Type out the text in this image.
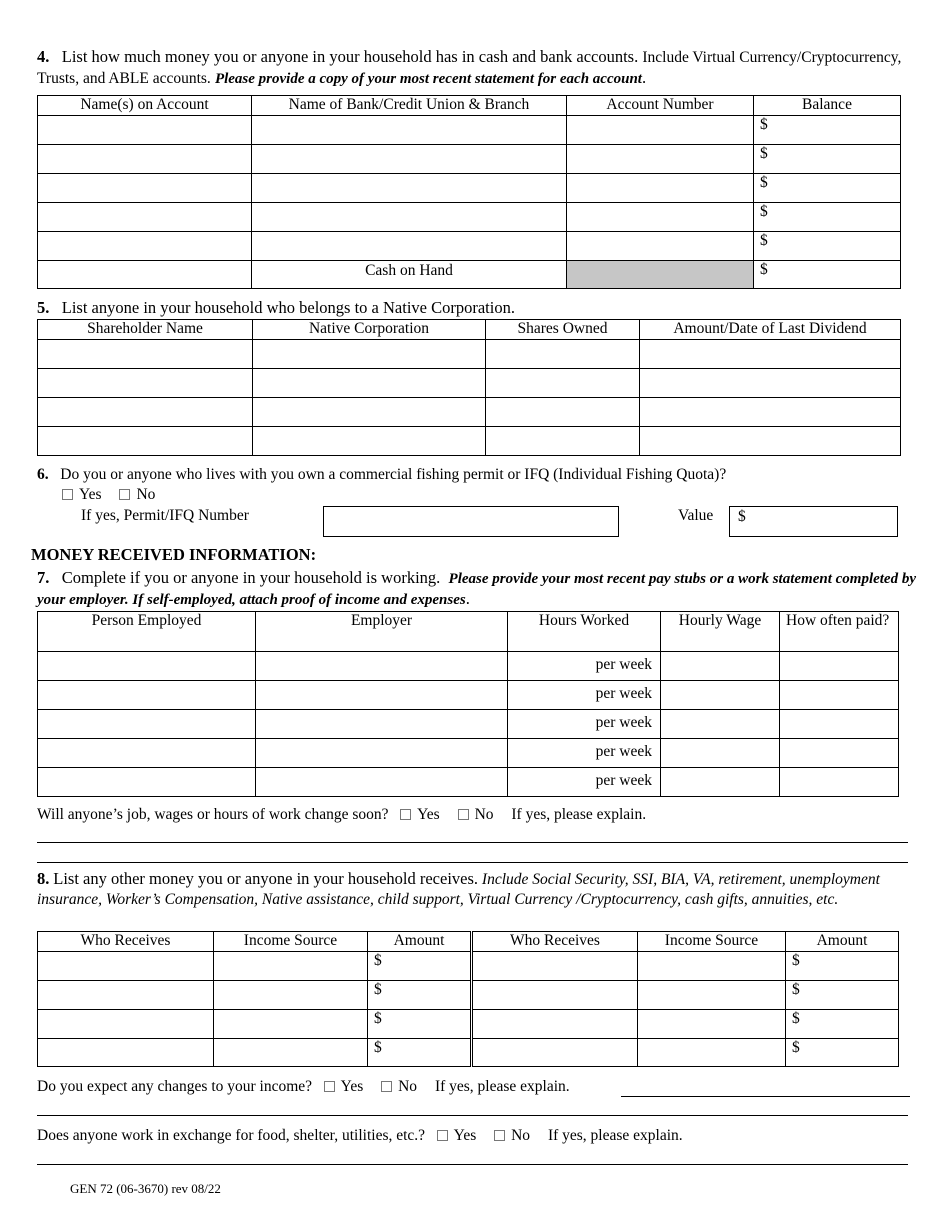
4. List how much money you or anyone in your household has in cash and bank accounts. Include Virtual Currency/Cryptocurrency, Trusts, and ABLE accounts. Please provide a copy of your most recent statement for each account.
Name(s) on Account	Name of Bank/Credit Union & Branch	Account Number	Balance
			$
			$
			$
			$
			$
	Cash on Hand		$
5. List anyone in your household who belongs to a Native Corporation.
Shareholder Name	Native Corporation	Shares Owned	Amount/Date of Last Dividend

6. Do you or anyone who lives with you own a commercial fishing permit or IFQ (Individual Fishing Quota)?
Yes No
If yes, Permit/IFQ Number	Value	$
MONEY RECEIVED INFORMATION:
7. Complete if you or anyone in your household is working. Please provide your most recent pay stubs or a work statement completed by your employer. If self-employed, attach proof of income and expenses.
Person Employed	Employer	Hours Worked	Hourly Wage	How often paid?
		per week		
		per week		
		per week		
		per week		
		per week		
Will anyone’s job, wages or hours of work change soon? Yes No If yes, please explain.
8. List any other money you or anyone in your household receives. Include Social Security, SSI, BIA, VA, retirement, unemployment insurance, Worker’s Compensation, Native assistance, child support, Virtual Currency /Cryptocurrency, cash gifts, annuities, etc.
Who Receives	Income Source	Amount	Who Receives	Income Source	Amount
		$			$
		$			$
		$			$
		$			$
Do you expect any changes to your income? Yes No If yes, please explain.
Does anyone work in exchange for food, shelter, utilities, etc.? Yes No If yes, please explain.
GEN 72 (06-3670) rev 08/22
